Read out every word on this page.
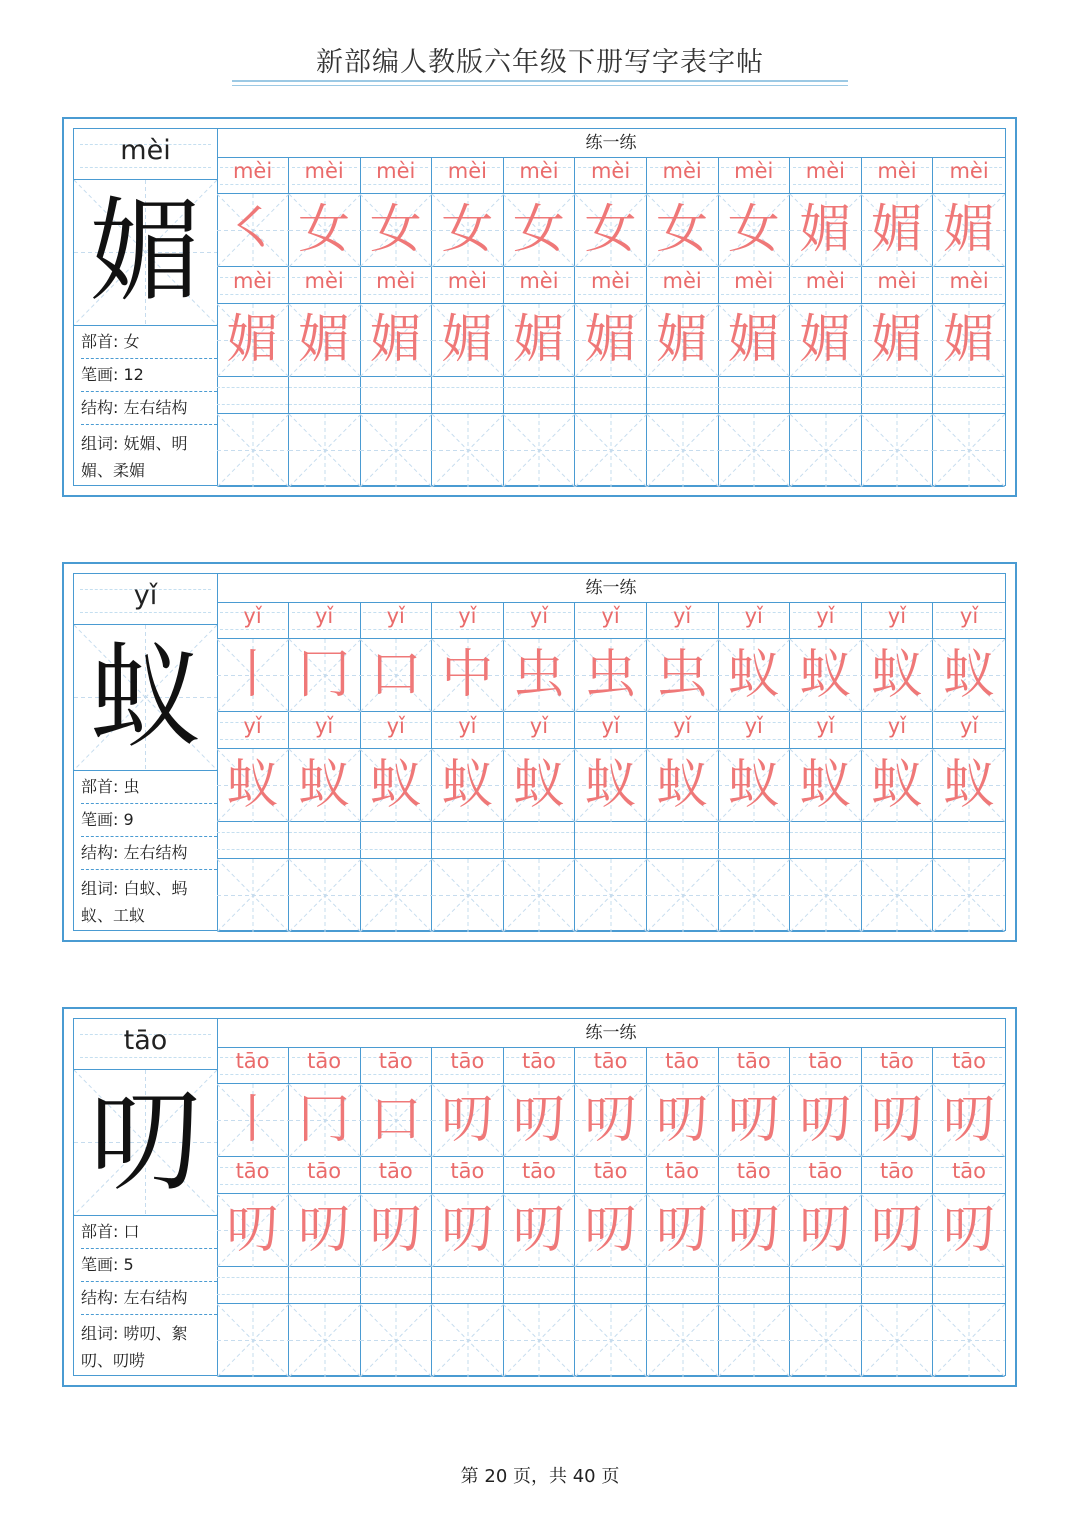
新部编人教版六年级下册写字表字帖
mèi
媚
部首: 女
笔画: 12
结构: 左右结构
组词: 妩媚、明媚、柔媚
练一练
mèi	mèi	mèi	mèi	mèi	mèi	mèi	mèi	mèi	mèi	mèi
㇛ 女 女 女 女 女 女 女 媚 媚 媚
mèi	mèi	mèi	mèi	mèi	mèi	mèi	mèi	mèi	mèi	mèi
媚 媚 媚 媚 媚 媚 媚 媚 媚 媚 媚
yǐ
蚁
部首: 虫
笔画: 9
结构: 左右结构
组词: 白蚁、蚂蚁、工蚁
练一练
yǐ	yǐ	yǐ	yǐ	yǐ	yǐ	yǐ	yǐ	yǐ	yǐ	yǐ
丨 冂 口 中 虫 虫 虫 蚁 蚁 蚁 蚁
yǐ	yǐ	yǐ	yǐ	yǐ	yǐ	yǐ	yǐ	yǐ	yǐ	yǐ
蚁 蚁 蚁 蚁 蚁 蚁 蚁 蚁 蚁 蚁 蚁
tāo
叨
部首: 口
笔画: 5
结构: 左右结构
组词: 唠叨、絮叨、叨唠
练一练
tāo	tāo	tāo	tāo	tāo	tāo	tāo	tāo	tāo	tāo	tāo
丨 冂 口 叨 叨 叨 叨 叨 叨 叨 叨
tāo	tāo	tāo	tāo	tāo	tāo	tāo	tāo	tāo	tāo	tāo
叨 叨 叨 叨 叨 叨 叨 叨 叨 叨 叨
第 20 页，共 40 页
